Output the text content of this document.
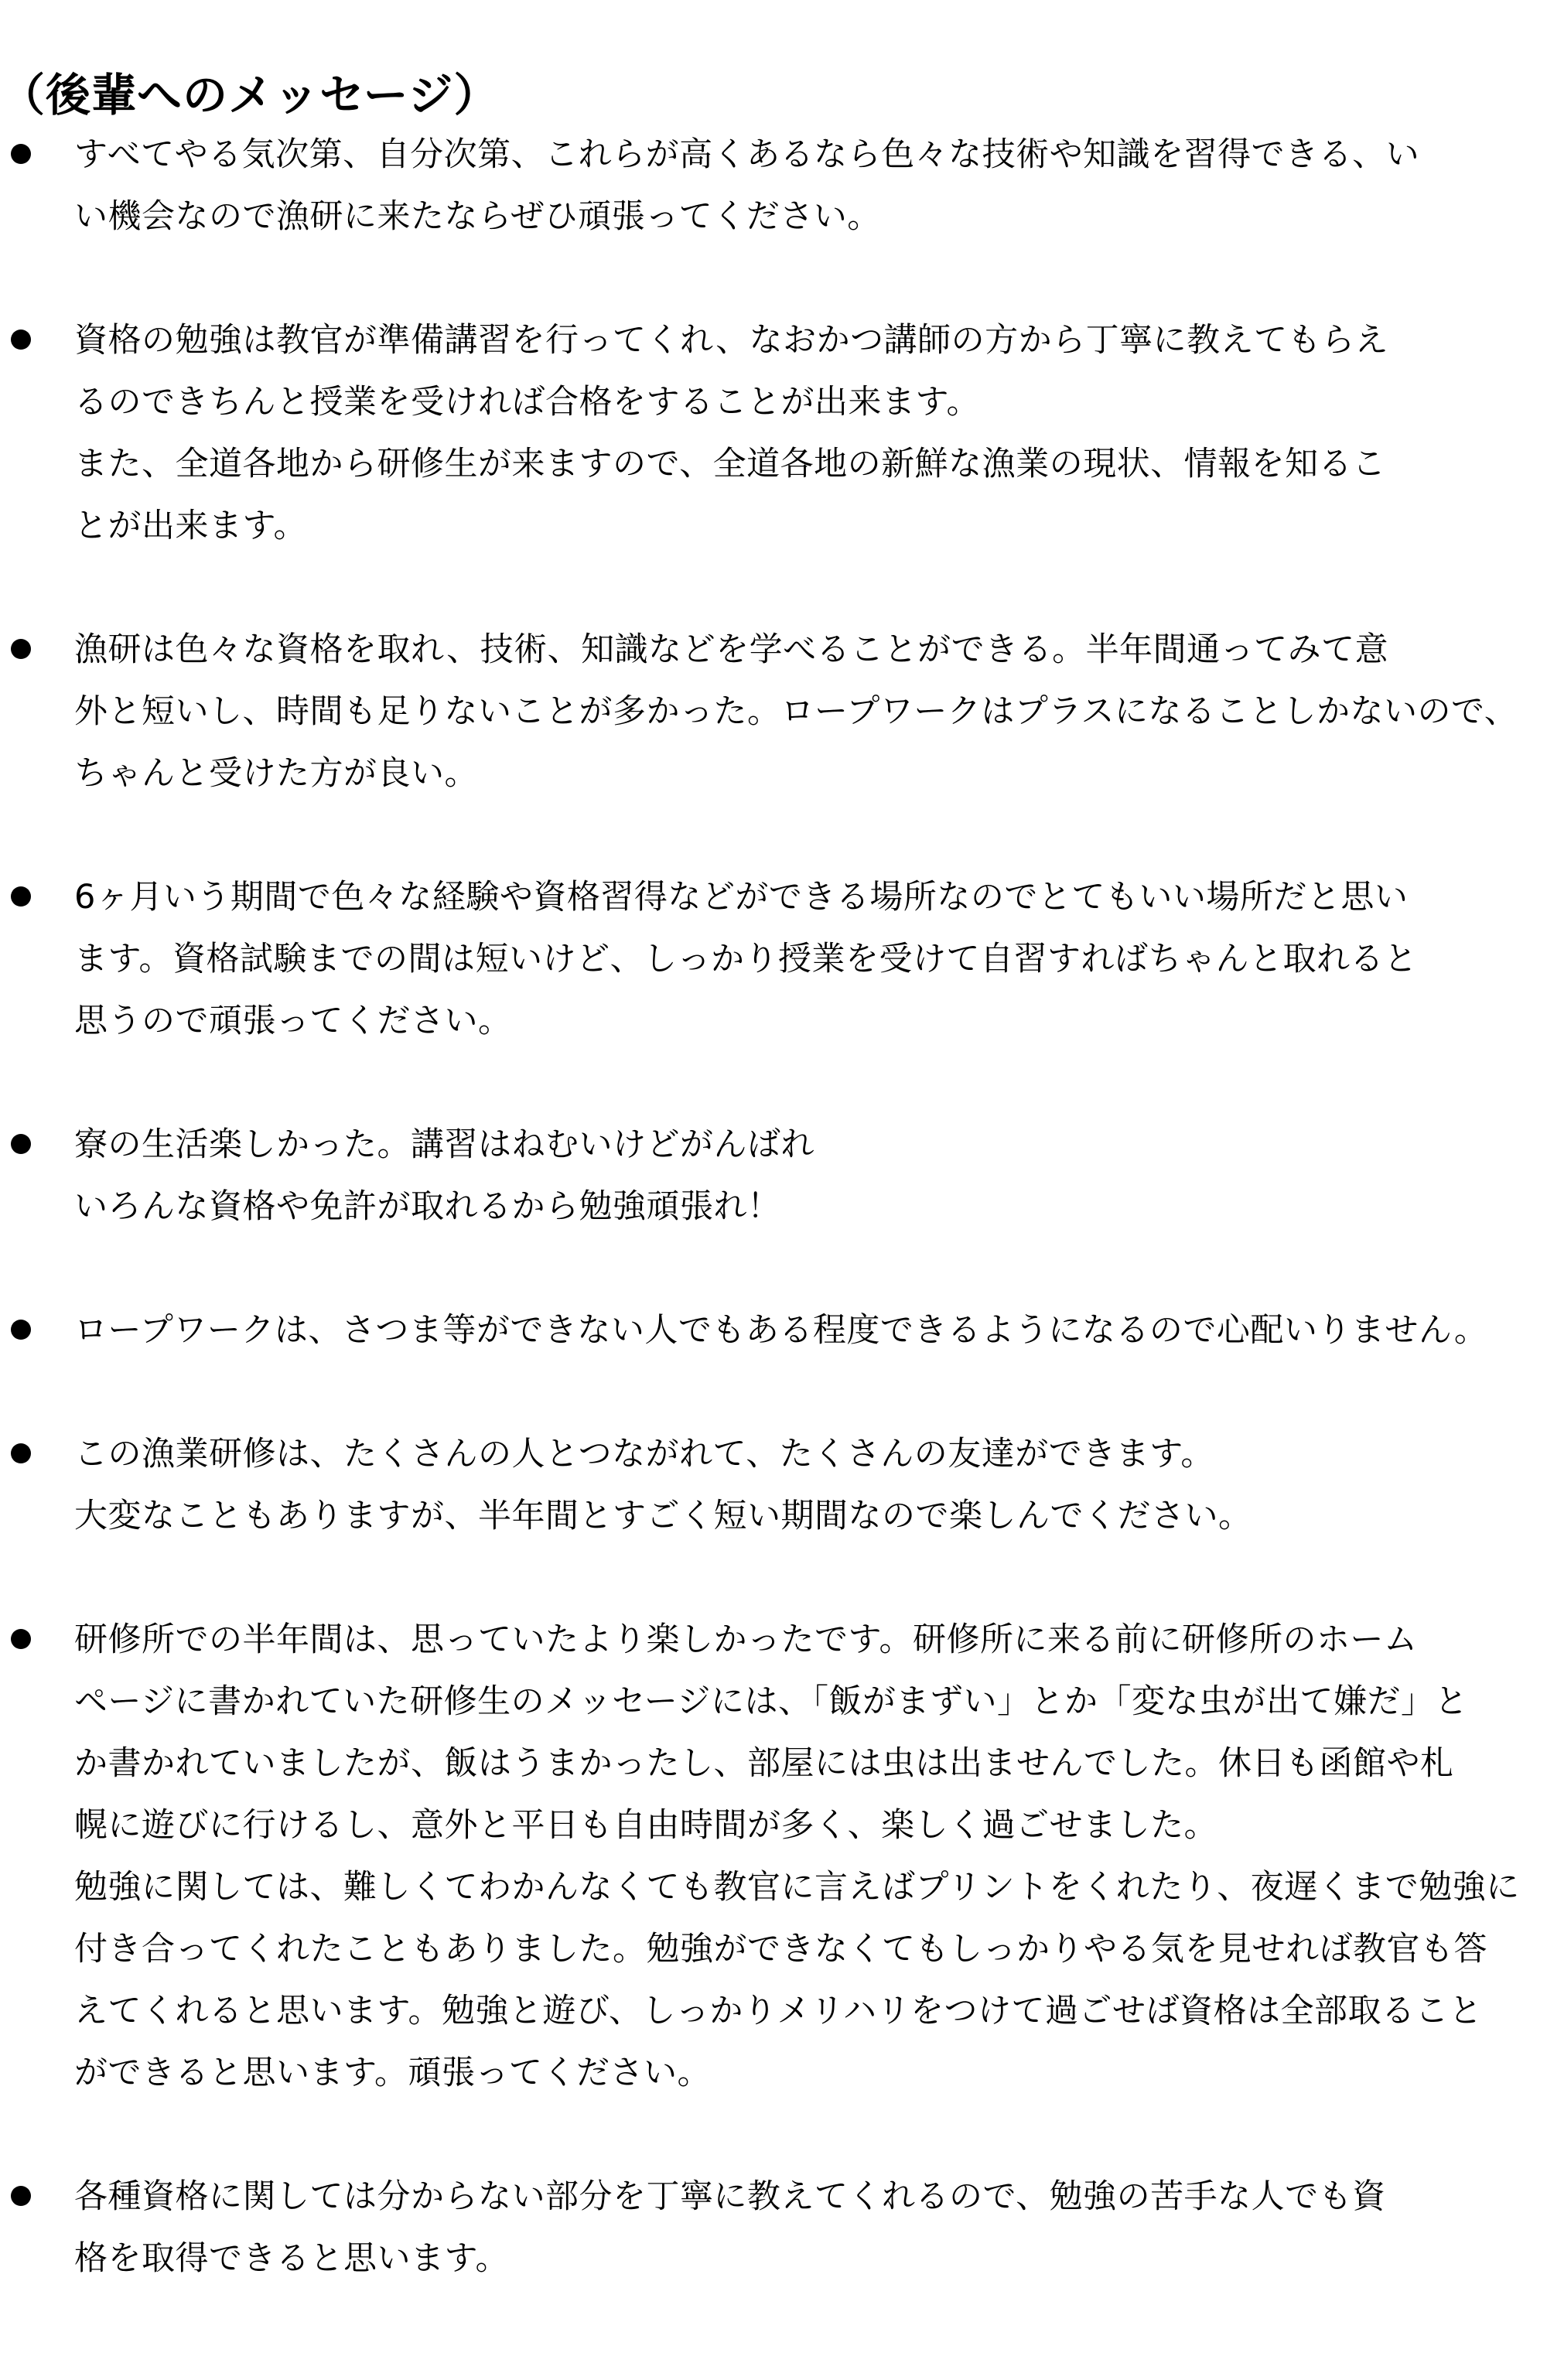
（後輩へのメッセージ）
すべてやる気次第、自分次第、これらが高くあるなら色々な技術や知識を習得できる、い
い機会なので漁研に来たならぜひ頑張ってください。
資格の勉強は教官が準備講習を行ってくれ、なおかつ講師の方から丁寧に教えてもらえ
るのできちんと授業を受ければ合格をすることが出来ます。
また、全道各地から研修生が来ますので、全道各地の新鮮な漁業の現状、情報を知るこ
とが出来ます。
漁研は色々な資格を取れ、技術、知識などを学べることができる。半年間通ってみて意
外と短いし、時間も足りないことが多かった。ロープワークはプラスになることしかないので、
ちゃんと受けた方が良い。
6ヶ月いう期間で色々な経験や資格習得などができる場所なのでとてもいい場所だと思い
ます。資格試験までの間は短いけど、しっかり授業を受けて自習すればちゃんと取れると
思うので頑張ってください。
寮の生活楽しかった。講習はねむいけどがんばれ
いろんな資格や免許が取れるから勉強頑張れ！
ロープワークは、さつま等ができない人でもある程度できるようになるので心配いりません。
この漁業研修は、たくさんの人とつながれて、たくさんの友達ができます。
大変なこともありますが、半年間とすごく短い期間なので楽しんでください。
研修所での半年間は、思っていたより楽しかったです。研修所に来る前に研修所のホーム
ページに書かれていた研修生のメッセージには、「飯がまずい」とか「変な虫が出て嫌だ」と
か書かれていましたが、飯はうまかったし、部屋には虫は出ませんでした。休日も函館や札
幌に遊びに行けるし、意外と平日も自由時間が多く、楽しく過ごせました。
勉強に関しては、難しくてわかんなくても教官に言えばプリントをくれたり、夜遅くまで勉強に
付き合ってくれたこともありました。勉強ができなくてもしっかりやる気を見せれば教官も答
えてくれると思います。勉強と遊び、しっかりメリハリをつけて過ごせば資格は全部取ること
ができると思います。頑張ってください。
各種資格に関しては分からない部分を丁寧に教えてくれるので、勉強の苦手な人でも資
格を取得できると思います。
